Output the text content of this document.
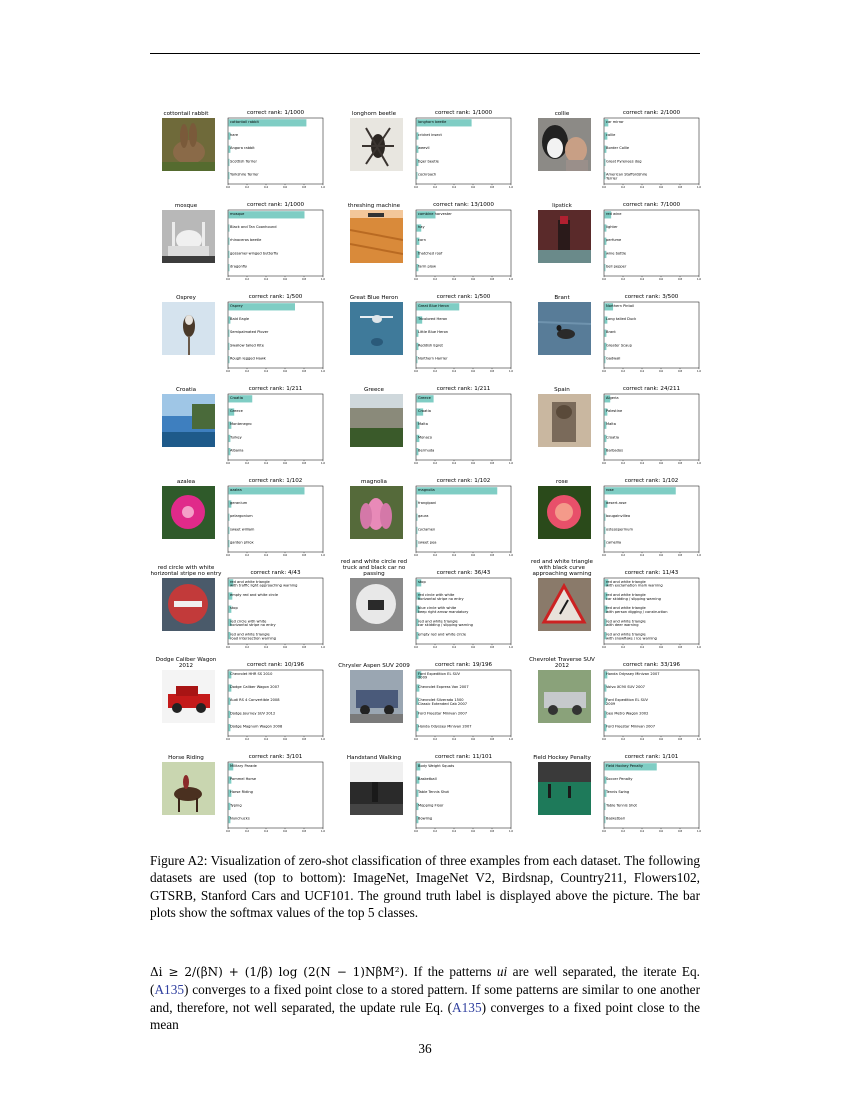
cottontail rabbit	correct rank: 1/1000
cottontail rabbit
hare
Angora rabbit
Scottish Terrier
Yorkshire Terrier
0.0	0.2	0.4	0.6	0.8	1.0
longhorn beetle	correct rank: 1/1000
longhorn beetle
cricket insect
weevil
tiger beetle
cockroach
0.0	0.2	0.4	0.6	0.8	1.0
collie	correct rank: 2/1000
car mirror
collie
Border Collie
Great Pyrenees dog
American Staffordshire
Terrier
0.0	0.2	0.4	0.6	0.8	1.0
mosque	correct rank: 1/1000
mosque
Black and Tan Coonhound
rhinoceros beetle
gossamer-winged butterfly
dragonfly
0.0	0.2	0.4	0.6	0.8	1.0
threshing machine	correct rank: 13/1000
combine harvester
hay
corn
thatched roof
farm plow
0.0	0.2	0.4	0.6	0.8	1.0
lipstick	correct rank: 7/1000
red wine
lighter
perfume
wine bottle
bell pepper
0.0	0.2	0.4	0.6	0.8	1.0
Osprey	correct rank: 1/500
Osprey
Bald Eagle
Semipalmated Plover
Swallow tailed Kite
Rough legged Hawk
0.0	0.2	0.4	0.6	0.8	1.0
Great Blue Heron	correct rank: 1/500
Great Blue Heron
Tricolored Heron
Little Blue Heron
Reddish Egret
Northern Harrier
0.0	0.2	0.4	0.6	0.8	1.0
Brant	correct rank: 3/500
Northern Pintail
Long tailed Duck
Brant
Greater Scaup
Gadwall
0.0	0.2	0.4	0.6	0.8	1.0
Croatia	correct rank: 1/211
Croatia
Greece
Montenegro
Turkey
Albania
0.0	0.2	0.4	0.6	0.8	1.0
Greece	correct rank: 1/211
Greece
Croatia
Malta
Monaco
Bermuda
0.0	0.2	0.4	0.6	0.8	1.0
Spain	correct rank: 24/211
Algeria
Palestine
Malta
Croatia
Barbados
0.0	0.2	0.4	0.6	0.8	1.0
azalea	correct rank: 1/102
azalea
geranium
pelargonium
sweet william
garden phlox
0.0	0.2	0.4	0.6	0.8	1.0
magnolia	correct rank: 1/102
magnolia
frangipani
gaura
cyclamen
sweet pea
0.0	0.2	0.4	0.6	0.8	1.0
rose	correct rank: 1/102
rose
desert-rose
bougainvillea
osteospermum
camellia
0.0	0.2	0.4	0.6	0.8	1.0
red circle with white horizontal stripe no entry	correct rank: 4/43
red and white triangle
with traffic light approaching warning
empty red and white circle
stop
red circle with white
horizontal stripe no entry
red and white triangle
road intersection warning
0.0	0.2	0.4	0.6	0.8	1.0
red and white circle red truck and black car no passing	correct rank: 36/43
stop
red circle with white
horizontal stripe no entry
blue circle with white
keep right arrow mandatory
red and white triangle
car skidding / slipping warning
empty red and white circle
0.0	0.2	0.4	0.6	0.8	1.0
red and white triangle with black curve approaching warning	correct rank: 11/43
red and white triangle
with exclamation mark warning
red and white triangle
car skidding / slipping warning
red and white triangle
with person digging / construction
red and white triangle
with deer warning
red and white triangle
with snowflake / ice warning
0.0	0.2	0.4	0.6	0.8	1.0
Dodge Caliber Wagon 2012	correct rank: 10/196
Chevrolet HHR SS 2010
Dodge Caliber Wagon 2007
Audi RS 4 Convertible 2008
Dodge Journey SUV 2012
Dodge Magnum Wagon 2008
0.0	0.2	0.4	0.6	0.8	1.0
Chrysler Aspen SUV 2009	correct rank: 19/196
Ford Expedition EL SUV
2009
Chevrolet Express Van 2007
Chevrolet Silverado 1500
Classic Extended Cab 2007
Ford Freestar Minivan 2007
Honda Odyssey Minivan 2007
0.0	0.2	0.4	0.6	0.8	1.0
Chevrolet Traverse SUV 2012	correct rank: 33/196
Honda Odyssey Minivan 2007
Volvo XC90 SUV 2007
Ford Expedition EL SUV
2009
Geo Metro Wagon 2002
Ford Freestar Minivan 2007
0.0	0.2	0.4	0.6	0.8	1.0
Horse Riding	correct rank: 3/101
Military Parade
Pommel Horse
Horse Riding
Typing
Nunchucks
0.0	0.2	0.4	0.6	0.8	1.0
Handstand Walking	correct rank: 11/101
Body Weight Squats
Basketball
Table Tennis Shot
Mopping Floor
Bowling
0.0	0.2	0.4	0.6	0.8	1.0
Field Hockey Penalty	correct rank: 1/101
Field Hockey Penalty
Soccer Penalty
Tennis Swing
Table Tennis Shot
Basketball
0.0	0.2	0.4	0.6	0.8	1.0
Figure A2: Visualization of zero-shot classification of three examples from each dataset. The following datasets are used (top to bottom): ImageNet, ImageNet V2, Birdsnap, Country211, Flowers102, GTSRB, Stanford Cars and UCF101. The ground truth label is displayed above the picture. The bar plots show the softmax values of the top 5 classes.
Δi ≥ 2/(βN) + (1/β) log (2(N − 1)NβM²). If the patterns ui are well separated, the iterate Eq. (A135) converges to a fixed point close to a stored pattern. If some patterns are similar to one another and, therefore, not well separated, the update rule Eq. (A135) converges to a fixed point close to the mean
36
